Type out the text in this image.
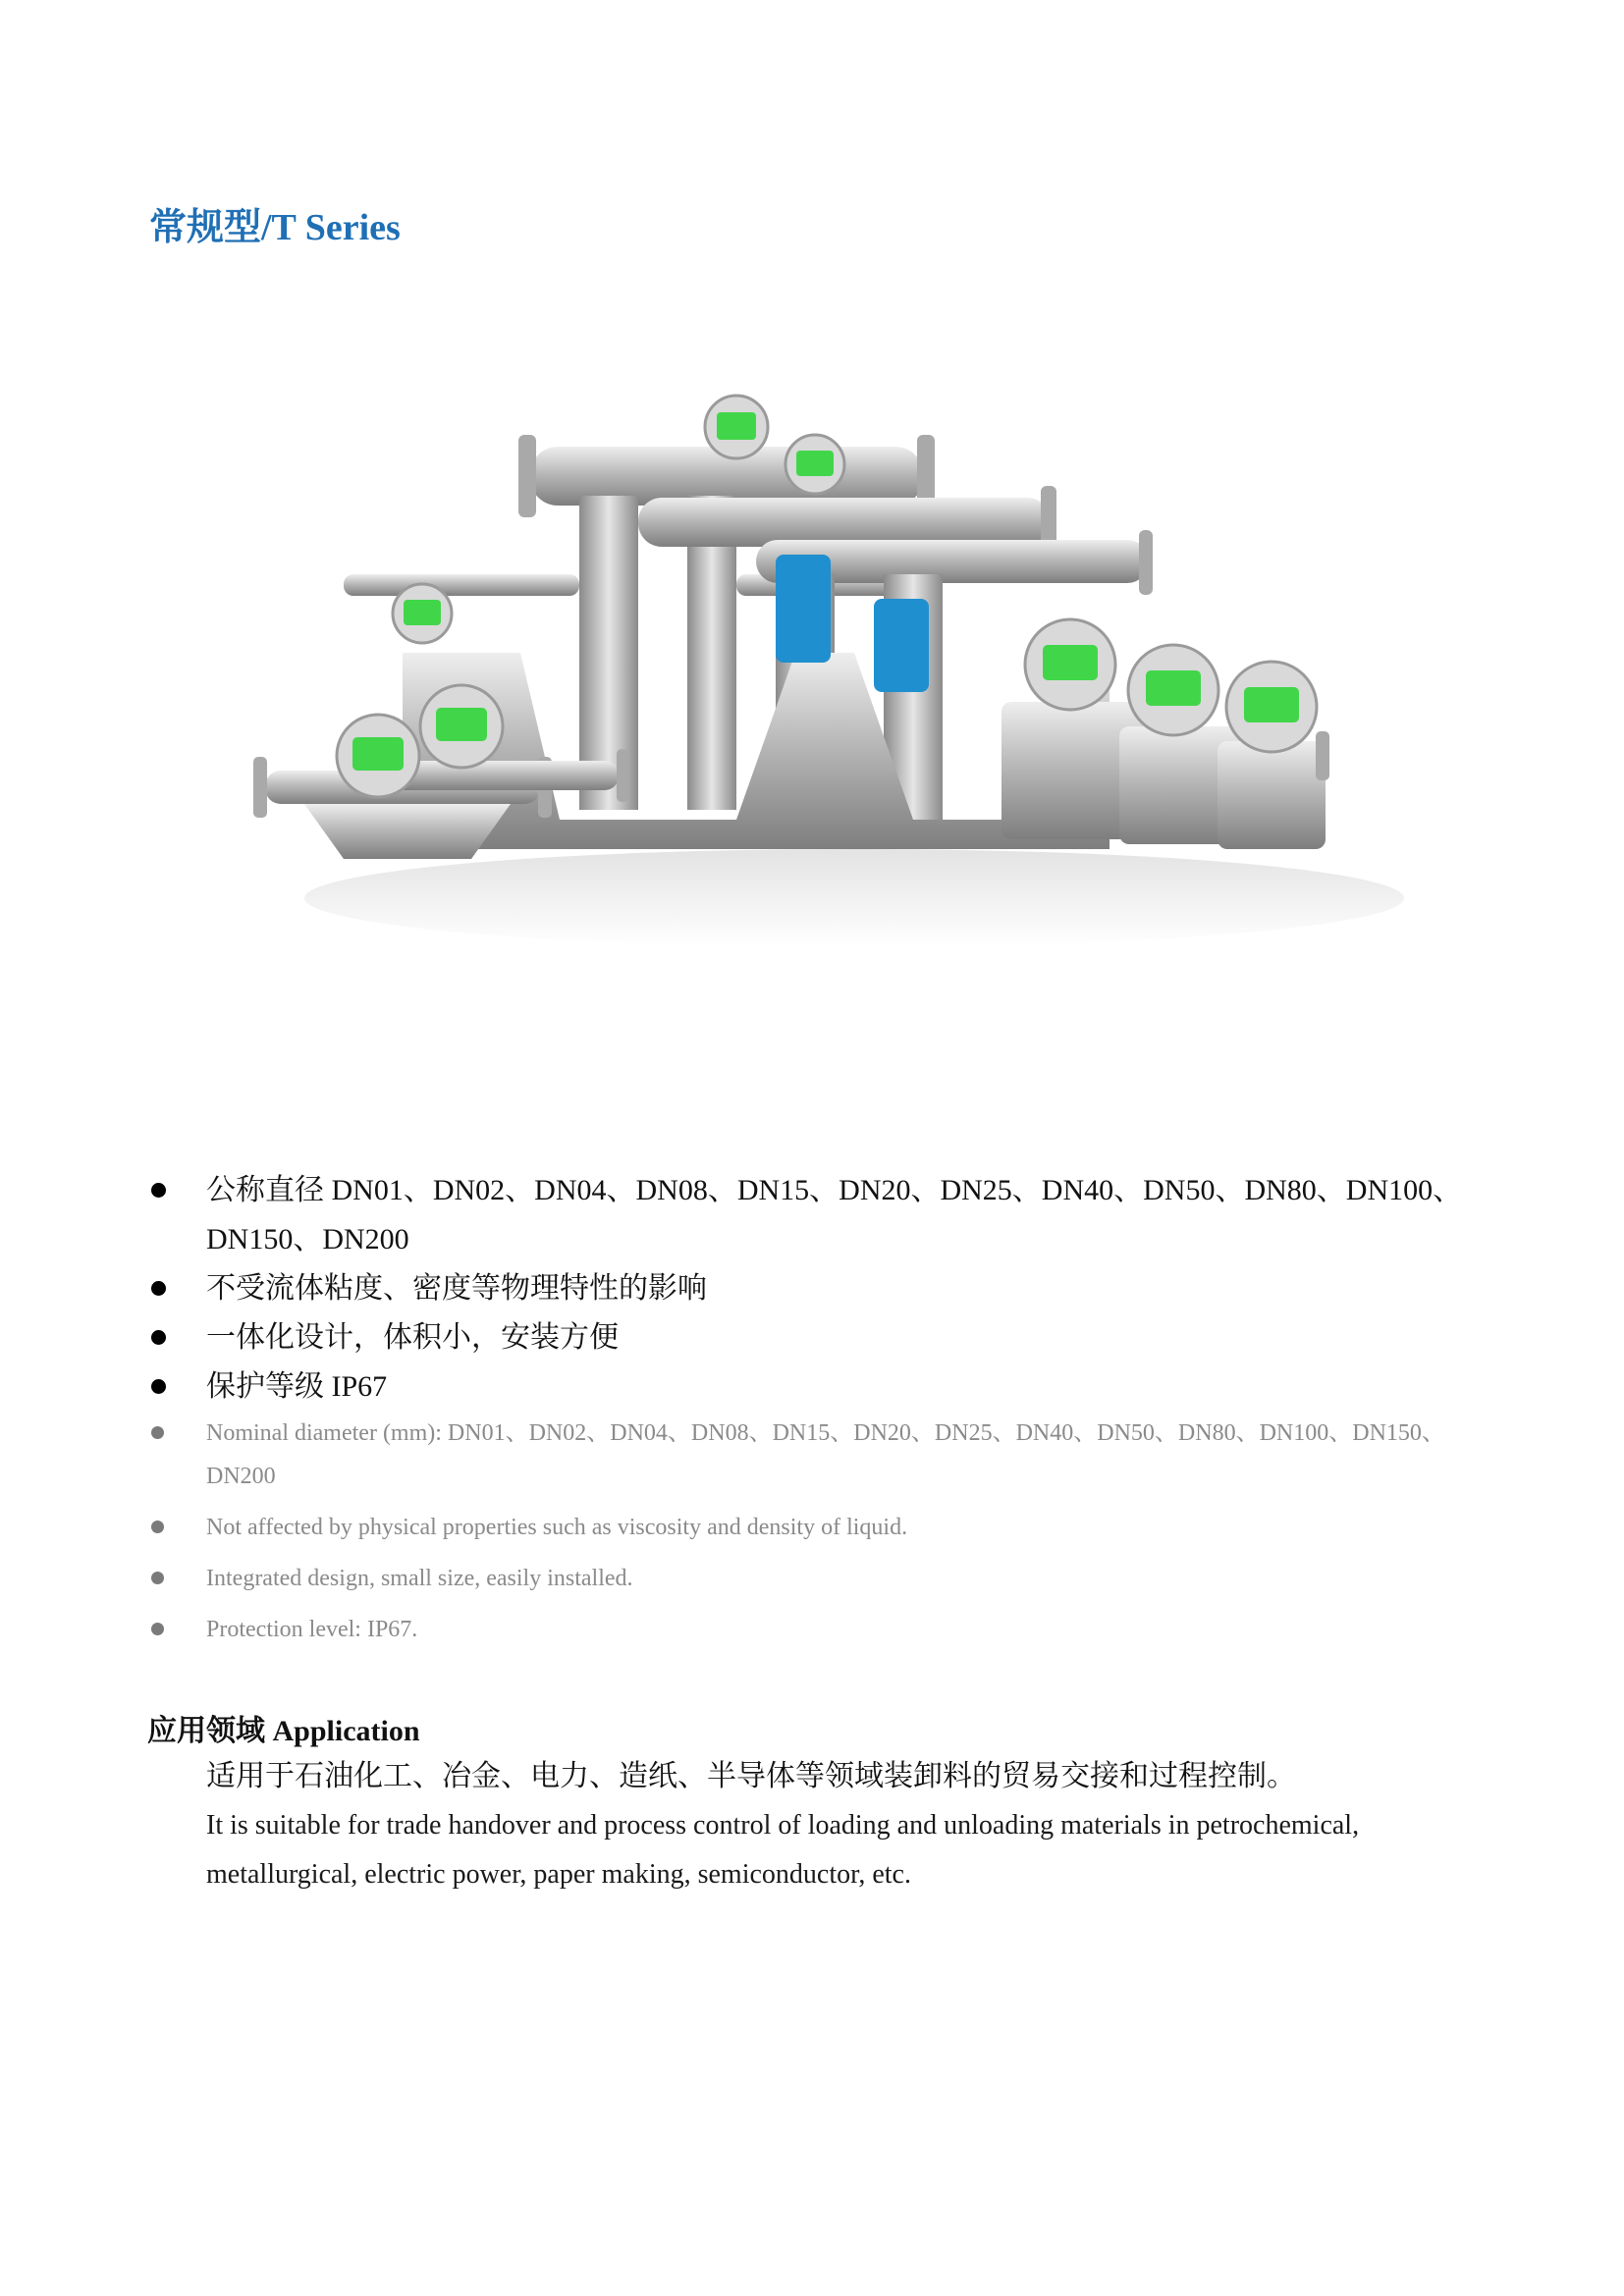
常规型/T Series
公称直径 DN01、DN02、DN04、DN08、DN15、DN20、DN25、DN40、DN50、DN80、DN100、DN150、DN200
不受流体粘度、密度等物理特性的影响
一体化设计，体积小，安装方便
保护等级 IP67
Nominal diameter (mm): DN01、DN02、DN04、DN08、DN15、DN20、DN25、DN40、DN50、DN80、DN100、DN150、DN200
Not affected by physical properties such as viscosity and density of liquid.
Integrated design, small size, easily installed.
Protection level: IP67.
应用领域 Application
适用于石油化工、冶金、电力、造纸、半导体等领域装卸料的贸易交接和过程控制。
It is suitable for trade handover and process control of loading and unloading materials in petrochemical, metallurgical, electric power, paper making, semiconductor, etc.
